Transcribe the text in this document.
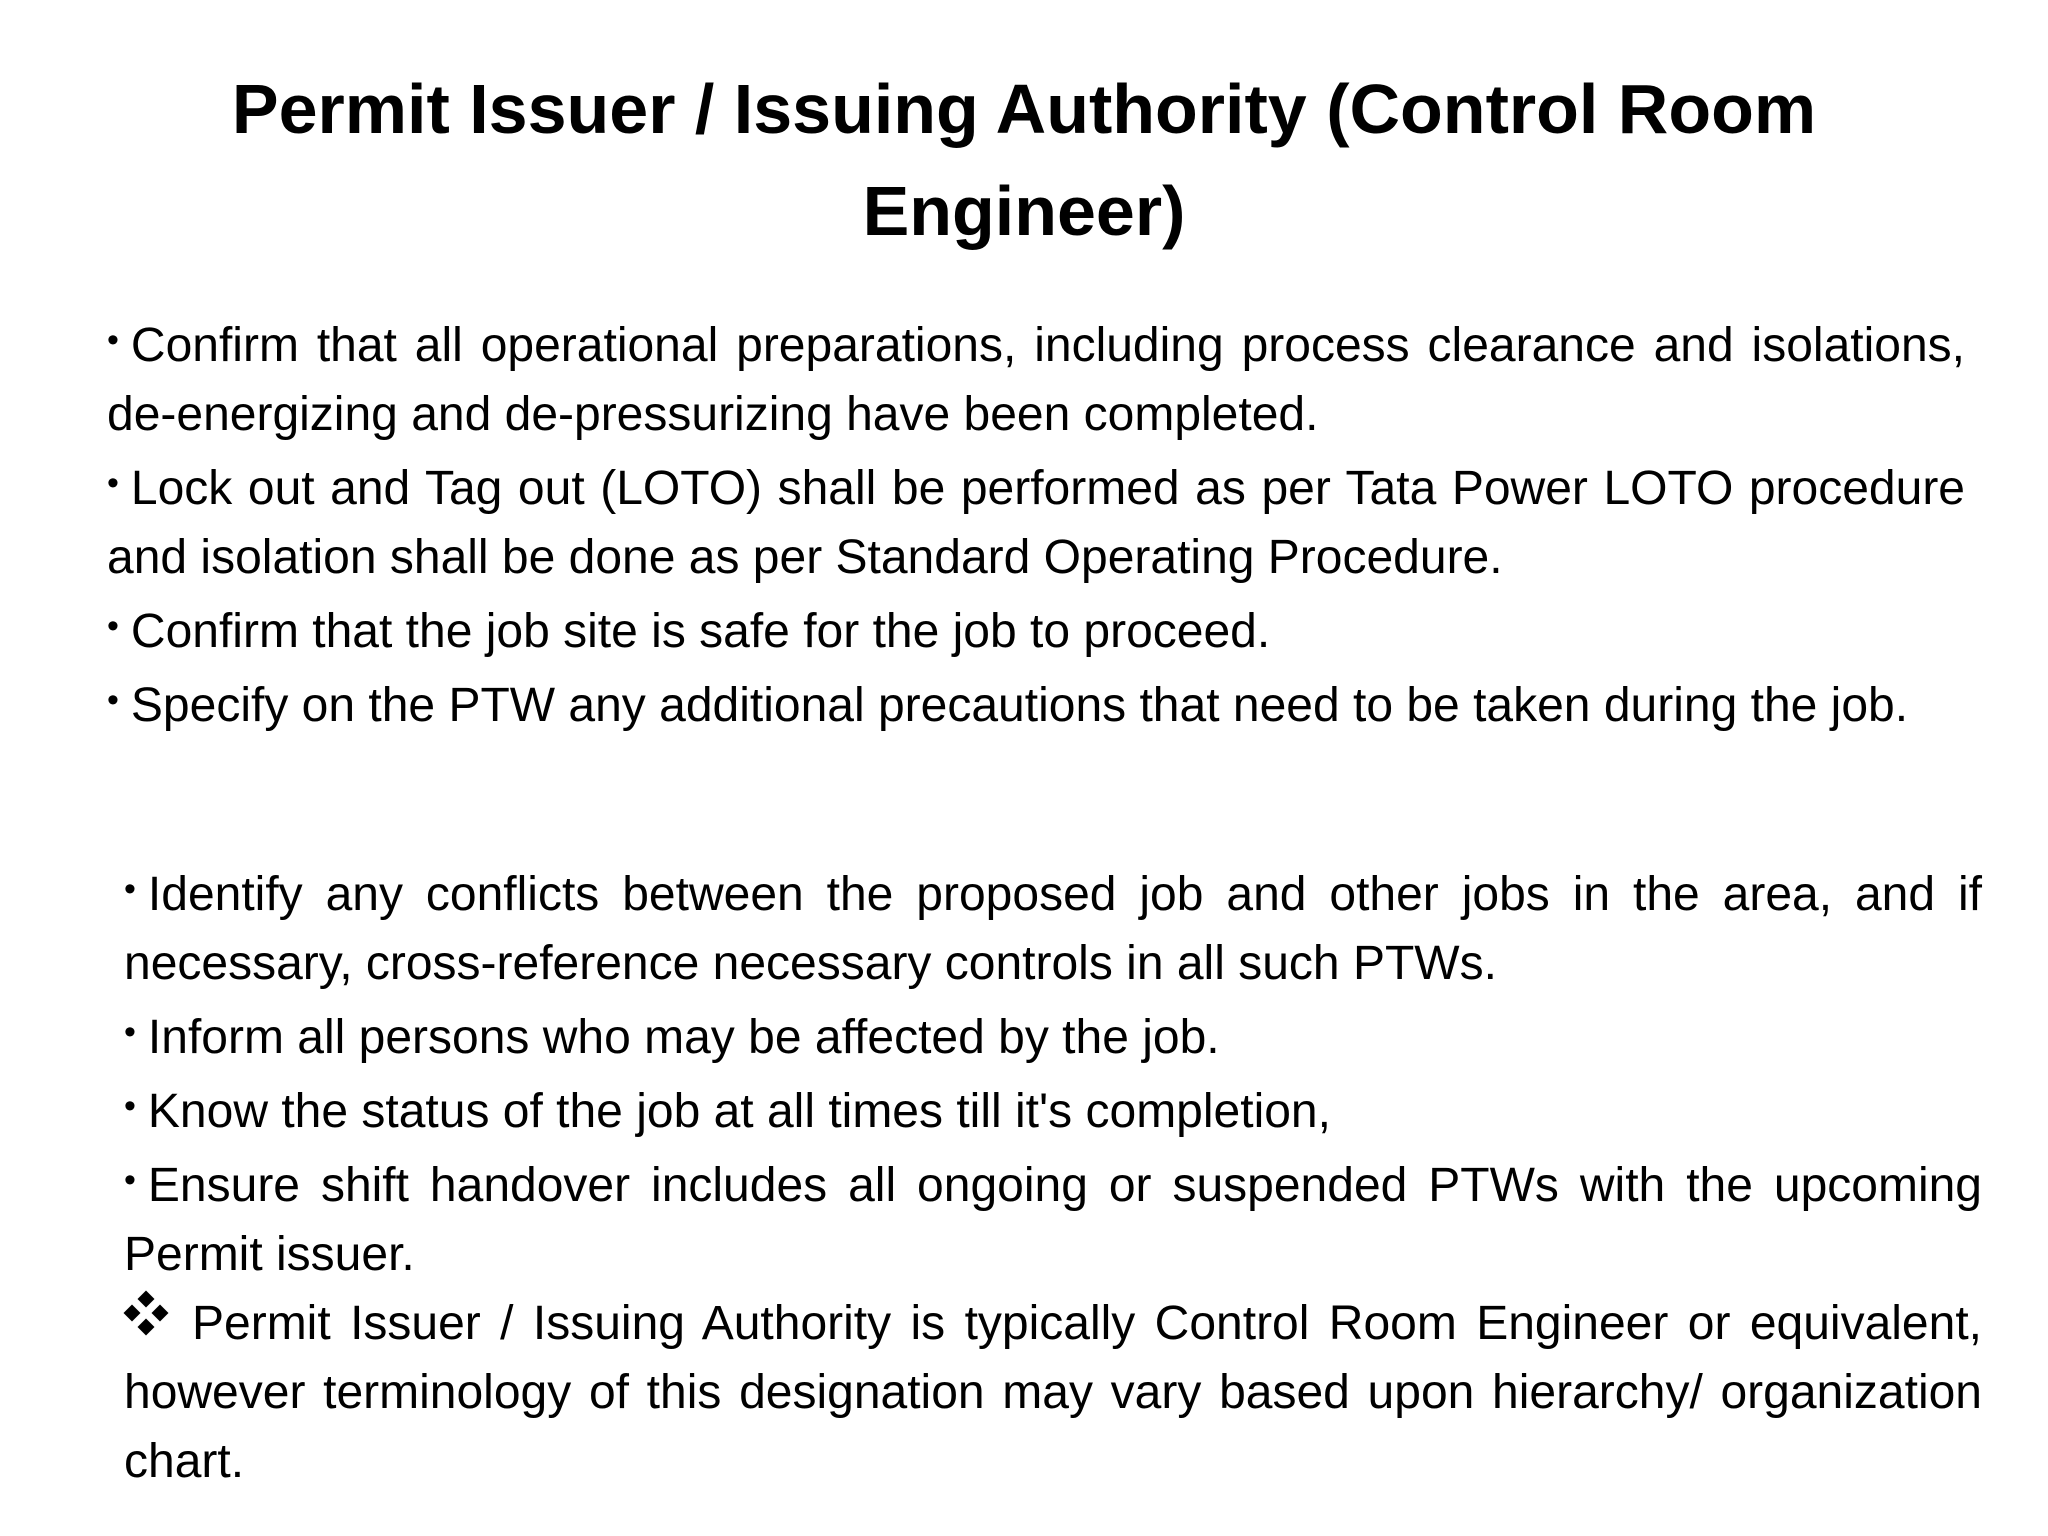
Permit Issuer / Issuing Authority (Control Room Engineer)

• Confirm that all operational preparations, including process clearance and isolations, de-energizing and de-pressurizing have been completed.

• Lock out and Tag out (LOTO) shall be performed as per Tata Power LOTO procedure and isolation shall be done as per Standard Operating Procedure.

• Confirm that the job site is safe for the job to proceed.

• Specify on the PTW any additional precautions that need to be taken during the job.

• Identify any conflicts between the proposed job and other jobs in the area, and if necessary, cross-reference necessary controls in all such PTWs.

• Inform all persons who may be affected by the job.

• Know the status of the job at all times till it's completion,

• Ensure shift handover includes all ongoing or suspended PTWs with the upcoming Permit issuer.

Permit Issuer / Issuing Authority is typically Control Room Engineer or equivalent, however terminology of this designation may vary based upon hierarchy/ organization chart.
